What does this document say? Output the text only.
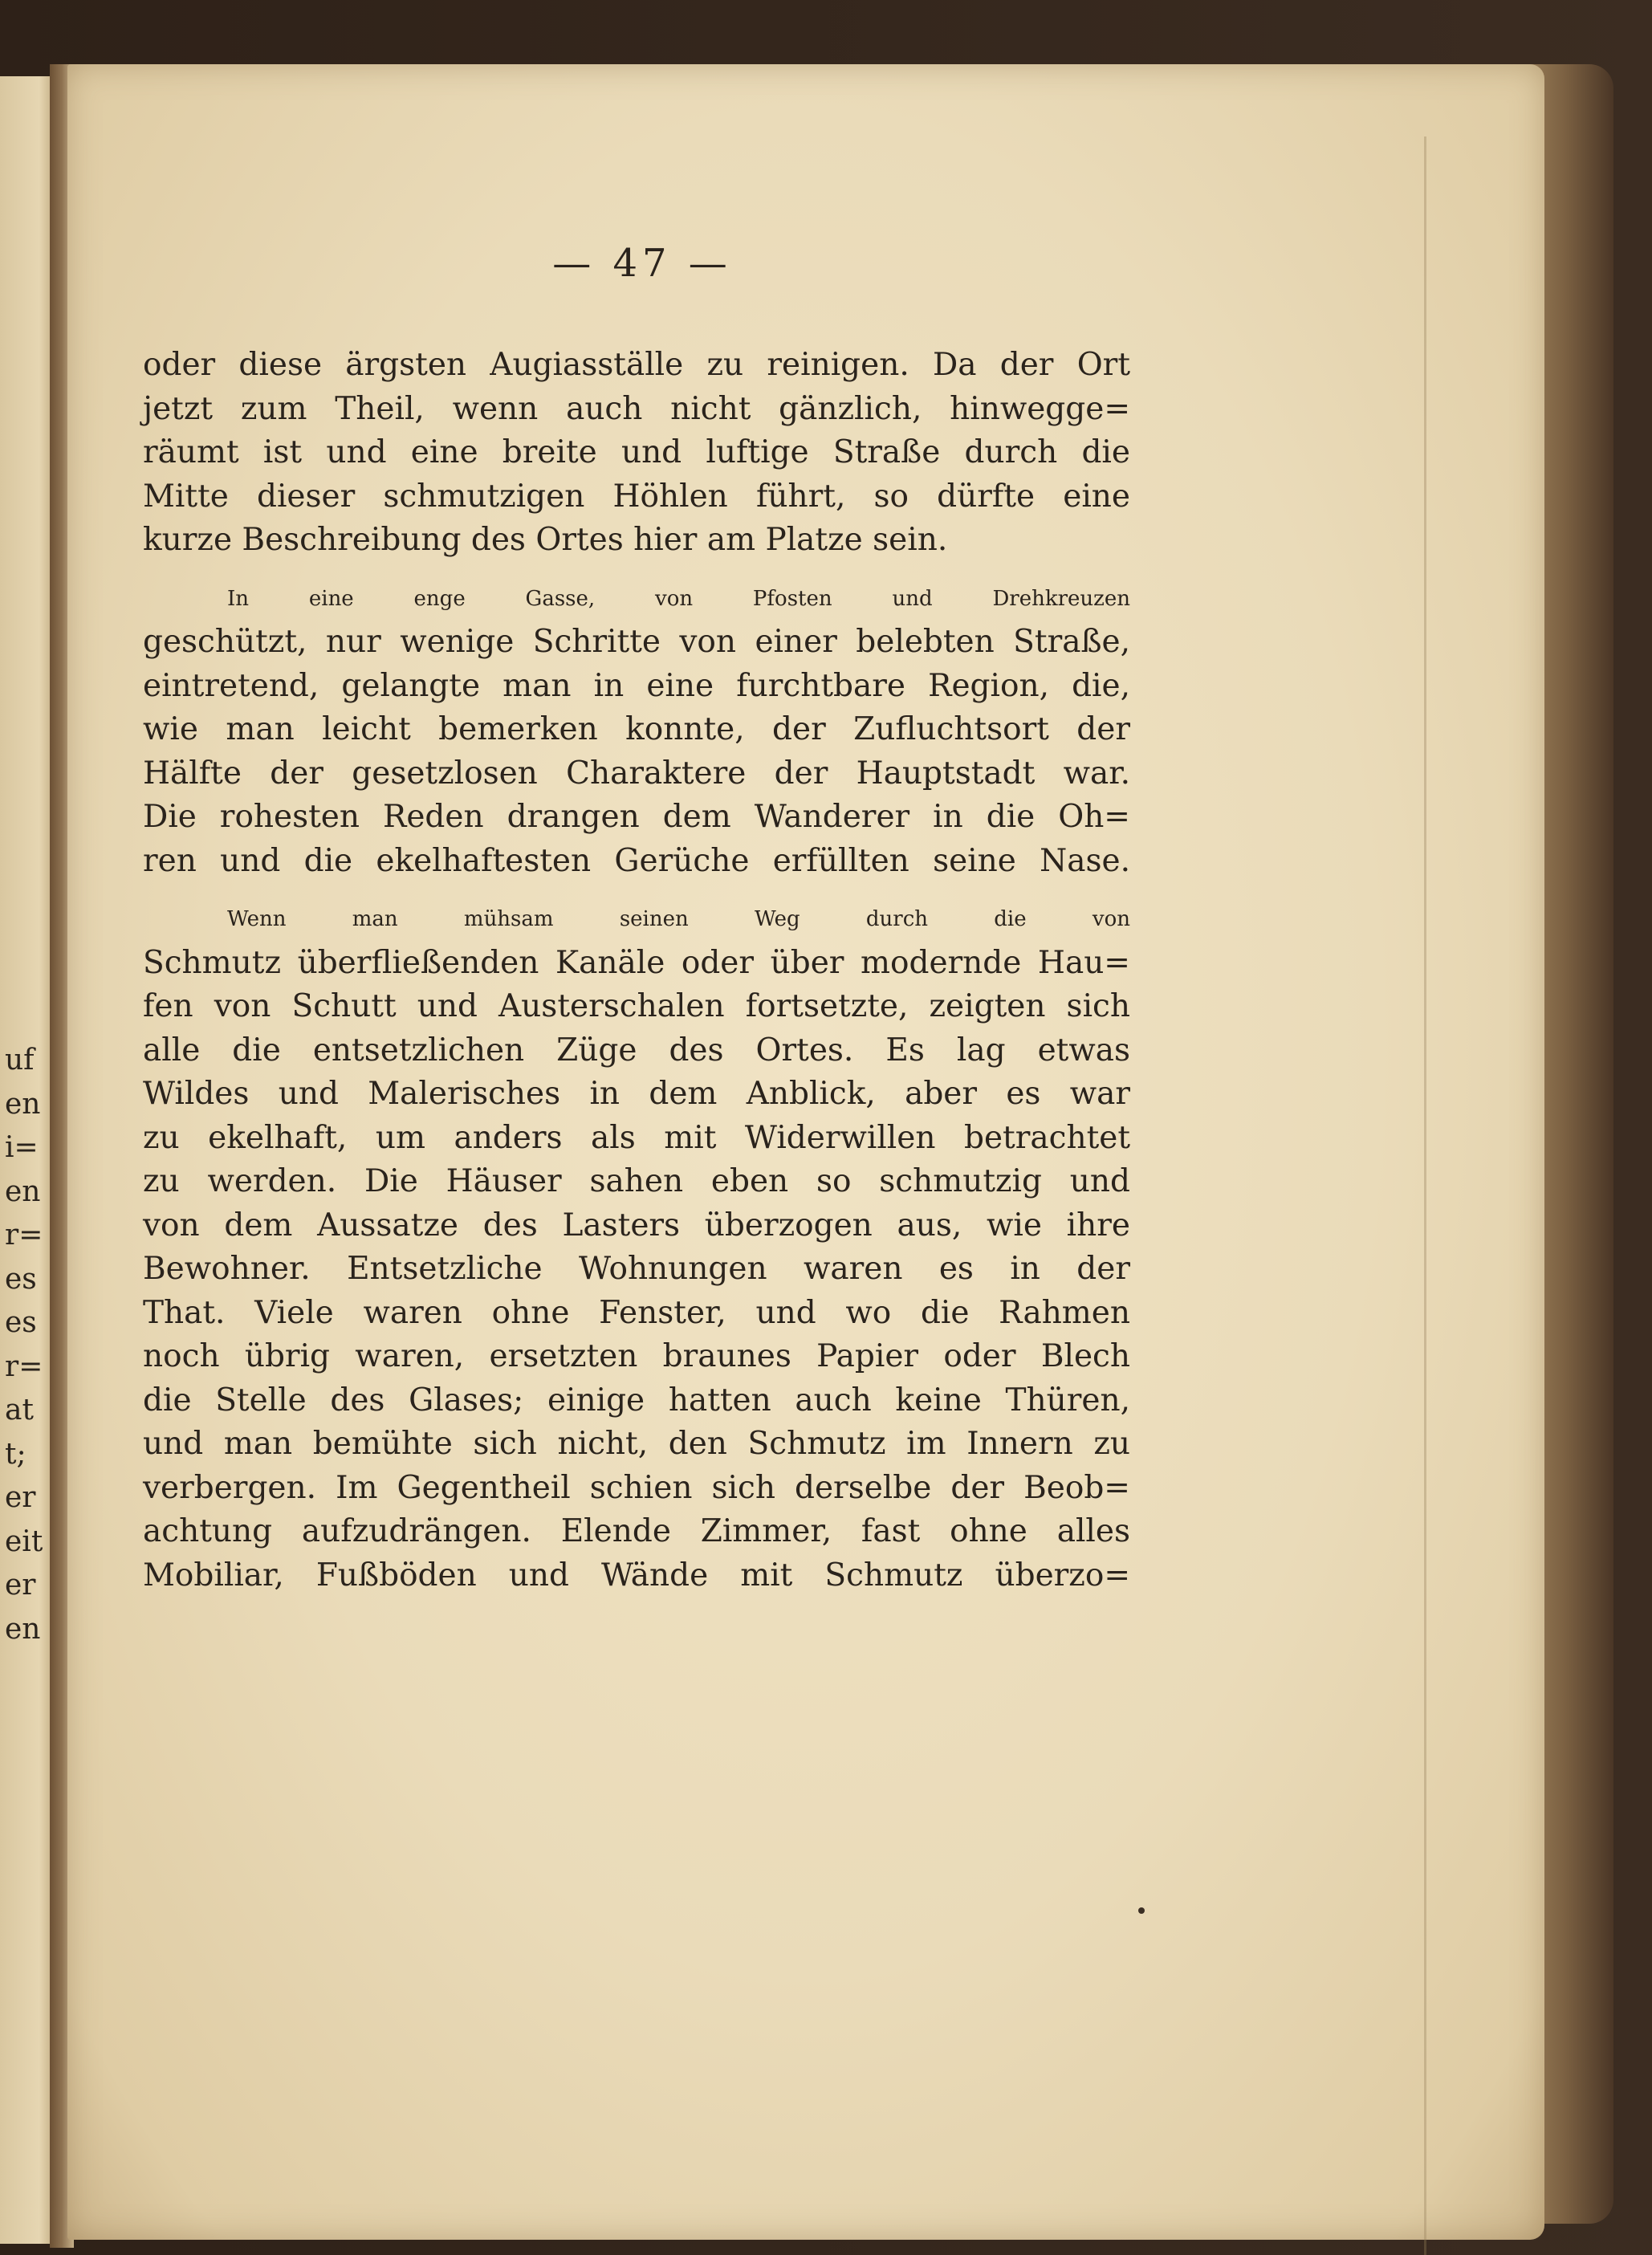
uf
en
i=
en
r=
es
es
r=
at
t;
er
eit
er
en
— 47 —
oder diese ärgsten Augiasställe zu reinigen. Da der Ort
jetzt zum Theil, wenn auch nicht gänzlich, hinwegge=
räumt ist und eine breite und luftige Straße durch die
Mitte dieser schmutzigen Höhlen führt, so dürfte eine
kurze Beschreibung des Ortes hier am Platze sein.
In eine enge Gasse, von Pfosten und Drehkreuzen
geschützt, nur wenige Schritte von einer belebten Straße,
eintretend, gelangte man in eine furchtbare Region, die,
wie man leicht bemerken konnte, der Zufluchtsort der
Hälfte der gesetzlosen Charaktere der Hauptstadt war.
Die rohesten Reden drangen dem Wanderer in die Oh=
ren und die ekelhaftesten Gerüche erfüllten seine Nase.
Wenn man mühsam seinen Weg durch die von
Schmutz überfließenden Kanäle oder über modernde Hau=
fen von Schutt und Austerschalen fortsetzte, zeigten sich
alle die entsetzlichen Züge des Ortes. Es lag etwas
Wildes und Malerisches in dem Anblick, aber es war
zu ekelhaft, um anders als mit Widerwillen betrachtet
zu werden. Die Häuser sahen eben so schmutzig und
von dem Aussatze des Lasters überzogen aus, wie ihre
Bewohner. Entsetzliche Wohnungen waren es in der
That. Viele waren ohne Fenster, und wo die Rahmen
noch übrig waren, ersetzten braunes Papier oder Blech
die Stelle des Glases; einige hatten auch keine Thüren,
und man bemühte sich nicht, den Schmutz im Innern zu
verbergen. Im Gegentheil schien sich derselbe der Beob=
achtung aufzudrängen. Elende Zimmer, fast ohne alles
Mobiliar, Fußböden und Wände mit Schmutz überzo=
